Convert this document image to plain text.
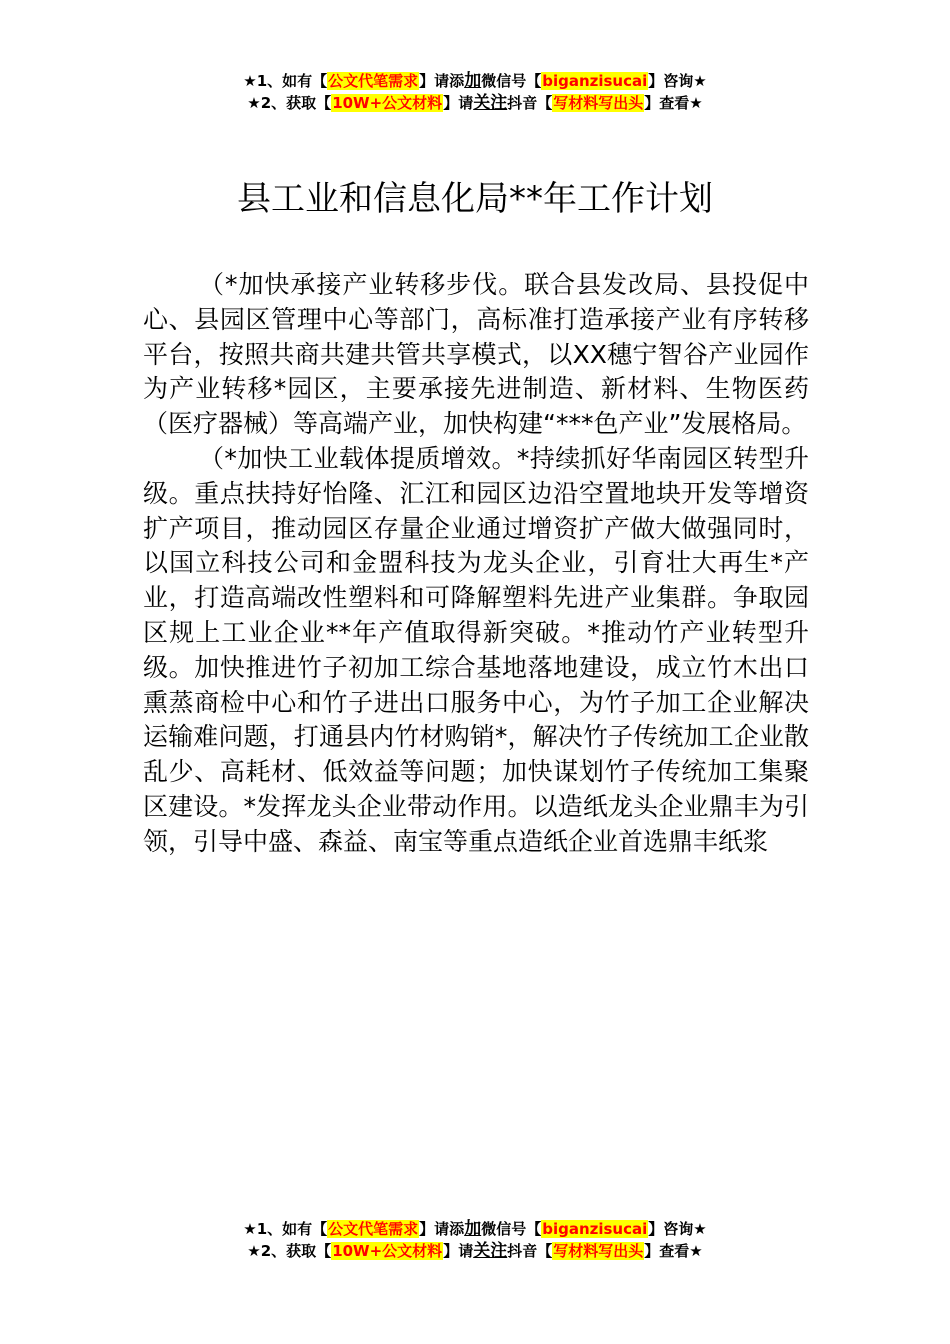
★1、如有【公文代笔需求】请添加微信号【biganzisucai】咨询★
★2、获取【10W+公文材料】请关注抖音【写材料写出头】查看★
县工业和信息化局**年工作计划

（*加快承接产业转移步伐。联合县发改局、县投促中心、县园区管理中心等部门，高标准打造承接产业有序转移平台，按照共商共建共管共享模式，以XX穗宁智谷产业园作为产业转移*园区，主要承接先进制造、新材料、生物医药（医疗器械）等高端产业，加快构建“***色产业”发展格局。

（*加快工业载体提质增效。*持续抓好华南园区转型升级。重点扶持好怡隆、汇江和园区边沿空置地块开发等增资扩产项目，推动园区存量企业通过增资扩产做大做强同时，以国立科技公司和金盟科技为龙头企业，引育壮大再生*产业，打造高端改性塑料和可降解塑料先进产业集群。争取园区规上工业企业**年产值取得新突破。*推动竹产业转型升级。加快推进竹子初加工综合基地落地建设，成立竹木出口熏蒸商检中心和竹子进出口服务中心，为竹子加工企业解决运输难问题，打通县内竹材购销*，解决竹子传统加工企业散乱少、高耗材、低效益等问题；加快谋划竹子传统加工集聚区建设。*发挥龙头企业带动作用。以造纸龙头企业鼎丰为引领，引导中盛、森益、南宝等重点造纸企业首选鼎丰纸浆

★1、如有【公文代笔需求】请添加微信号【biganzisucai】咨询★
★2、获取【10W+公文材料】请关注抖音【写材料写出头】查看★
